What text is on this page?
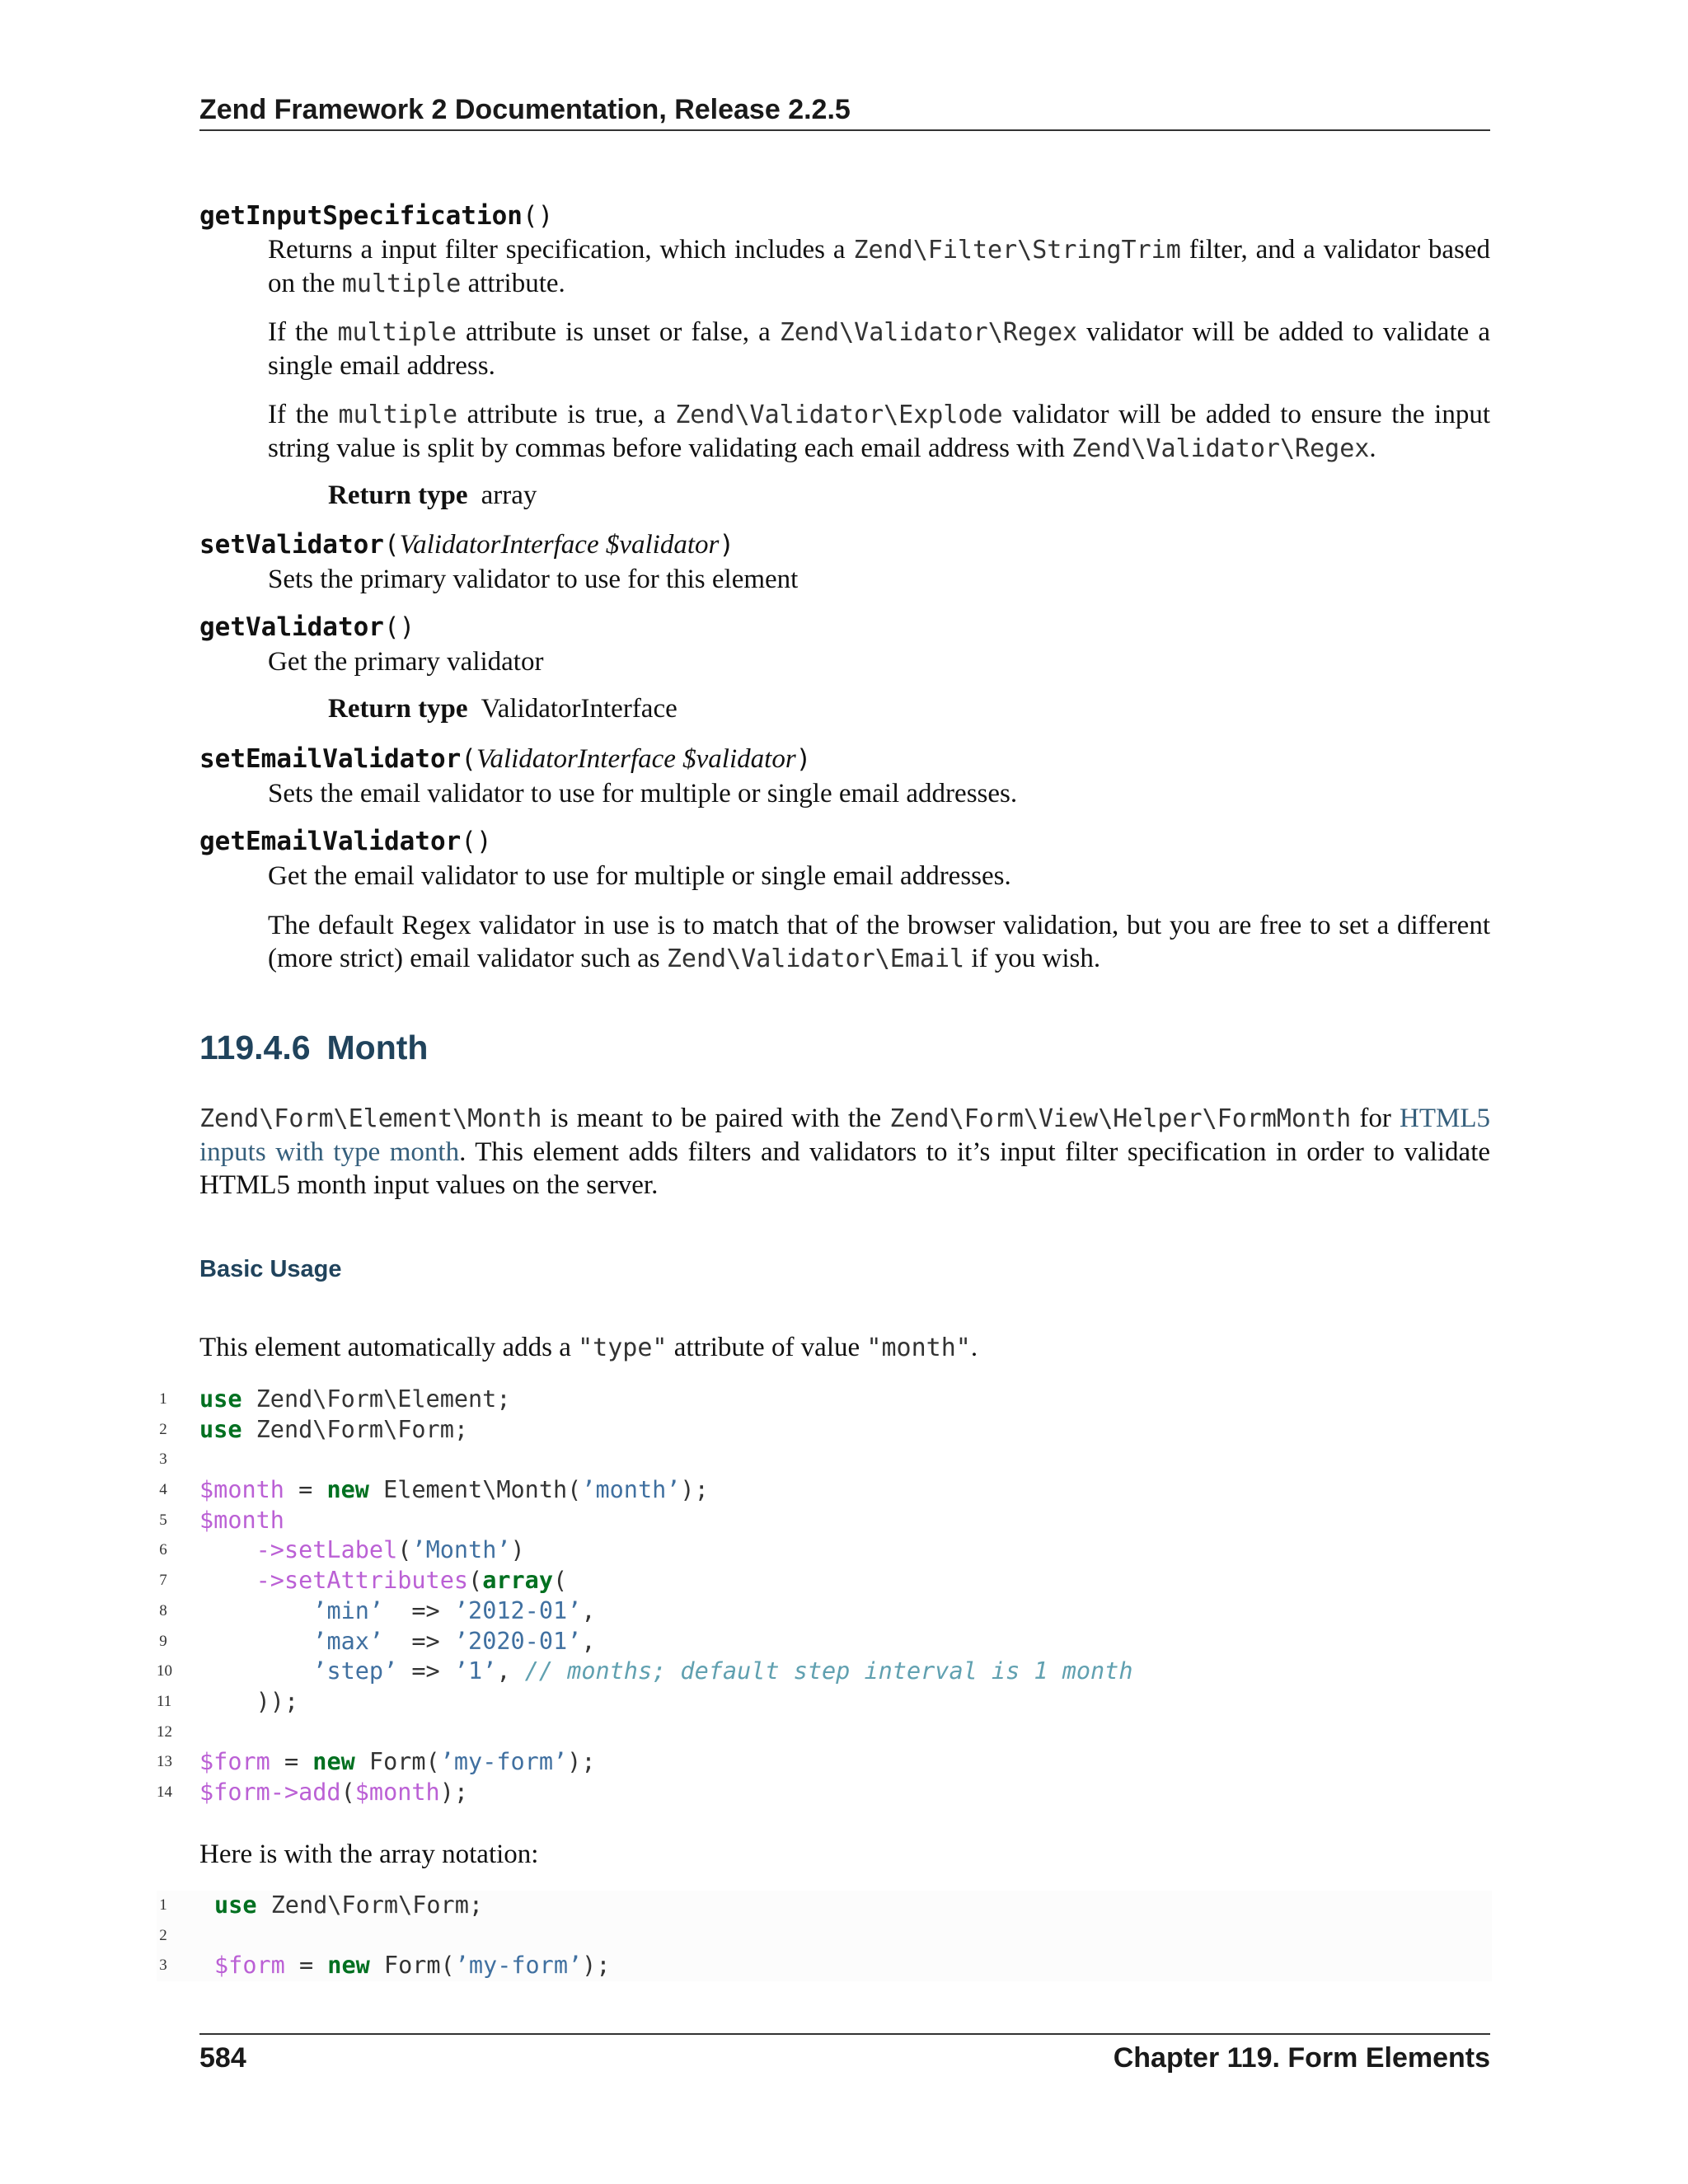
Zend Framework 2 Documentation, Release 2.2.5
getInputSpecification()
Returns a input filter specification, which includes a Zend\Filter\StringTrim filter, and a validator based on the multiple attribute.
If the multiple attribute is unset or false, a Zend\Validator\Regex validator will be added to validate a single email address.
If the multiple attribute is true, a Zend\Validator\Explode validator will be added to ensure the input string value is split by commas before validating each email address with Zend\Validator\Regex.
Return type array
setValidator(ValidatorInterface $validator)
Sets the primary validator to use for this element
getValidator()
Get the primary validator
Return type ValidatorInterface
setEmailValidator(ValidatorInterface $validator)
Sets the email validator to use for multiple or single email addresses.
getEmailValidator()
Get the email validator to use for multiple or single email addresses.
The default Regex validator in use is to match that of the browser validation, but you are free to set a different (more strict) email validator such as Zend\Validator\Email if you wish.
119.4.6 Month
Zend\Form\Element\Month is meant to be paired with the Zend\Form\View\Helper\FormMonth for HTML5 inputs with type month. This element adds filters and validators to it’s input filter specification in order to validate HTML5 month input values on the server.
Basic Usage
This element automatically adds a "type" attribute of value "month".
1 use Zend\Form\Element;
2 use Zend\Form\Form;
3
4 $month = new Element\Month(’month’);
5 $month
6	->setLabel(’Month’)
7	->setAttributes(array(
8	’min’  => ’2012-01’,
9	’max’  => ’2020-01’,
10	’step’ => ’1’, // months; default step interval is 1 month
11 ));
12
13 $form = new Form(’my-form’);
14 $form->add($month);
Here is with the array notation:
1 use Zend\Form\Form;
2
3 $form = new Form(’my-form’);
584	Chapter 119. Form Elements
